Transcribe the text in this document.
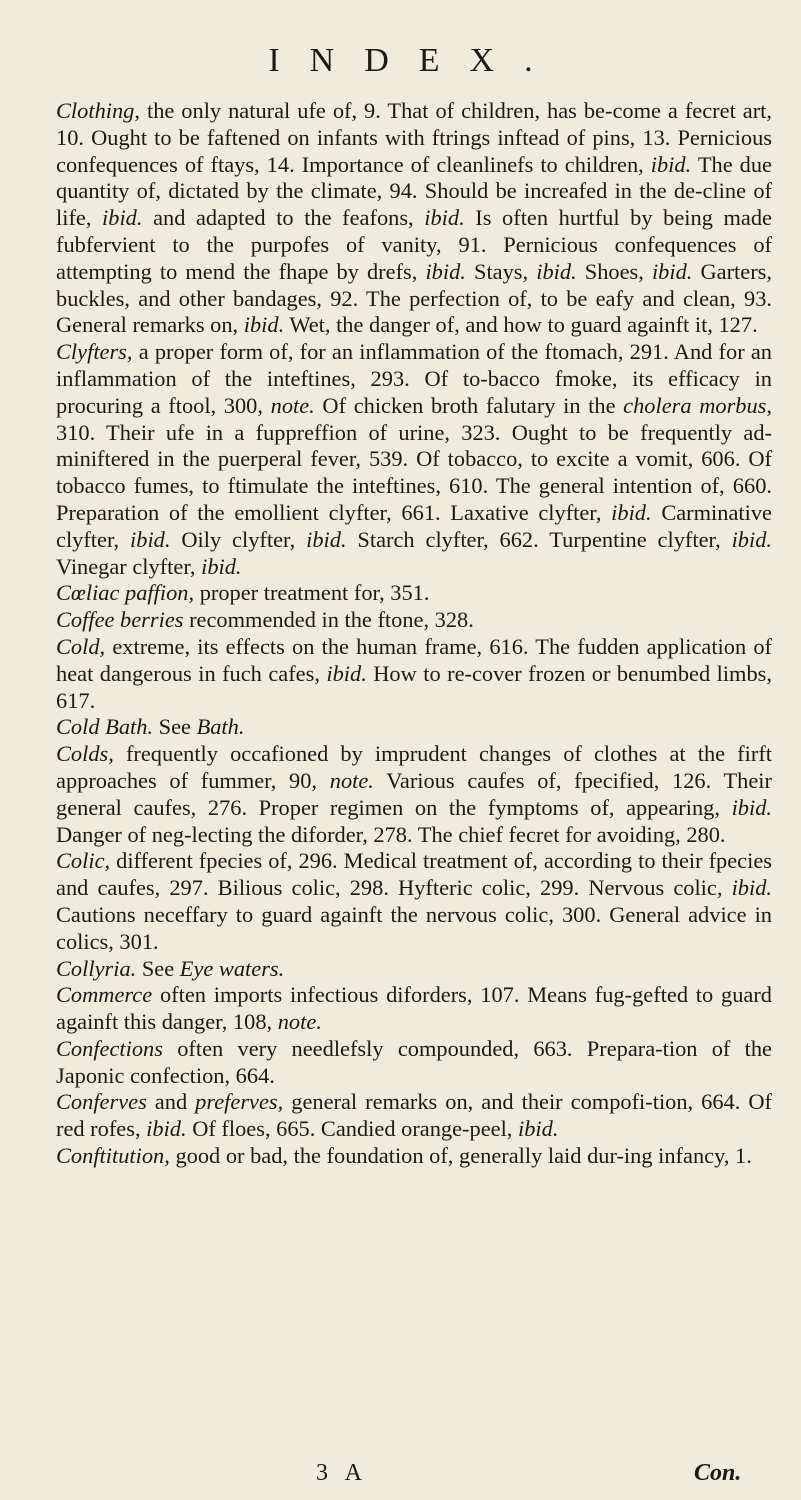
INDEX.

Clothing, the only natural ufe of, 9. That of children, has be-come a fecret art, 10. Ought to be faftened on infants with ftrings inftead of pins, 13. Pernicious confequences of ftays, 14. Importance of cleanlinefs to children, ibid. The due quantity of, dictated by the climate, 94. Should be increafed in the de-cline of life, ibid. and adapted to the feafons, ibid. Is often hurtful by being made fubfervient to the purpofes of vanity, 91. Pernicious confequences of attempting to mend the fhape by drefs, ibid. Stays, ibid. Shoes, ibid. Garters, buckles, and other bandages, 92. The perfection of, to be eafy and clean, 93. General remarks on, ibid. Wet, the danger of, and how to guard againft it, 127.

Clyfters, a proper form of, for an inflammation of the ftomach, 291. And for an inflammation of the inteftines, 293. Of to-bacco fmoke, its efficacy in procuring a ftool, 300, note. Of chicken broth falutary in the cholera morbus, 310. Their ufe in a fuppreffion of urine, 323. Ought to be frequently ad-miniftered in the puerperal fever, 539. Of tobacco, to excite a vomit, 606. Of tobacco fumes, to ftimulate the inteftines, 610. The general intention of, 660. Preparation of the emollient clyfter, 661. Laxative clyfter, ibid. Carminative clyfter, ibid. Oily clyfter, ibid. Starch clyfter, 662. Turpentine clyfter, ibid. Vinegar clyfter, ibid.

Cœliac paffion, proper treatment for, 351.

Coffee berries recommended in the ftone, 328.

Cold, extreme, its effects on the human frame, 616. The fudden application of heat dangerous in fuch cafes, ibid. How to re-cover frozen or benumbed limbs, 617.

Cold Bath. See Bath.

Colds, frequently occafioned by imprudent changes of clothes at the firft approaches of fummer, 90, note. Various caufes of, fpecified, 126. Their general caufes, 276. Proper regimen on the fymptoms of, appearing, ibid. Danger of neg-lecting the diforder, 278. The chief fecret for avoiding, 280.

Colic, different fpecies of, 296. Medical treatment of, according to their fpecies and caufes, 297. Bilious colic, 298. Hyfteric colic, 299. Nervous colic, ibid. Cautions neceffary to guard againft the nervous colic, 300. General advice in colics, 301.

Collyria. See Eye waters.

Commerce often imports infectious diforders, 107. Means fug-gefted to guard againft this danger, 108, note.

Confections often very needlefsly compounded, 663. Prepara-tion of the Japonic confection, 664.

Conferves and preferves, general remarks on, and their compofi-tion, 664. Of red rofes, ibid. Of floes, 665. Candied orange-peel, ibid.

Conftitution, good or bad, the foundation of, generally laid dur-ing infancy, 1.

3 A	Con.
